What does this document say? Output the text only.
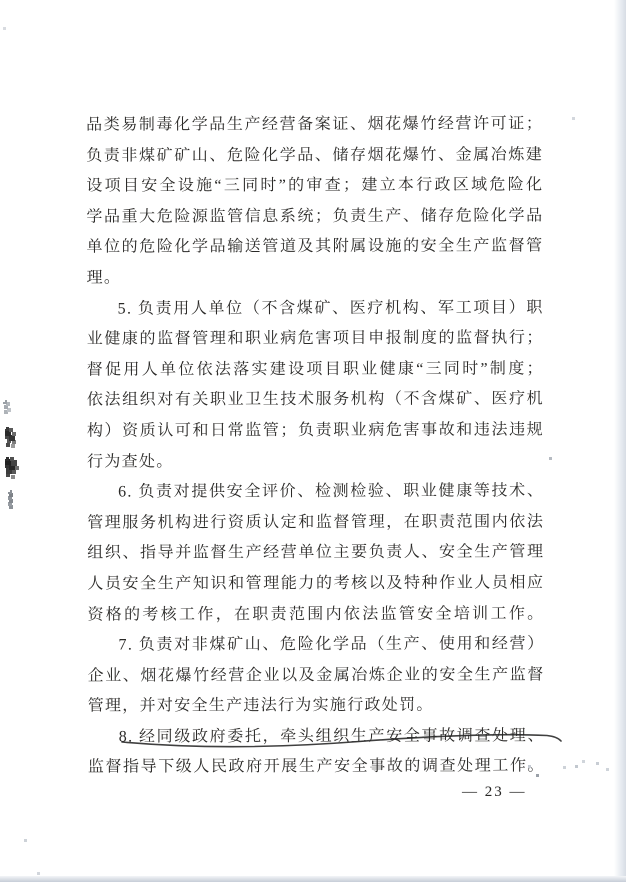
品类易制毒化学品生产经营备案证、烟花爆竹经营许可证；
负责非煤矿矿山、危险化学品、储存烟花爆竹、金属冶炼建
设项目安全设施“三同时”的审查；建立本行政区域危险化
学品重大危险源监管信息系统；负责生产、储存危险化学品
单位的危险化学品输送管道及其附属设施的安全生产监督管
理。
5. 负责用人单位（不含煤矿、医疗机构、军工项目）职
业健康的监督管理和职业病危害项目申报制度的监督执行；
督促用人单位依法落实建设项目职业健康“三同时”制度；
依法组织对有关职业卫生技术服务机构（不含煤矿、医疗机
构）资质认可和日常监管；负责职业病危害事故和违法违规
行为查处。
6. 负责对提供安全评价、检测检验、职业健康等技术、
管理服务机构进行资质认定和监督管理，在职责范围内依法
组织、指导并监督生产经营单位主要负责人、安全生产管理
人员安全生产知识和管理能力的考核以及特种作业人员相应
资格的考核工作，在职责范围内依法监管安全培训工作。
7. 负责对非煤矿山、危险化学品（生产、使用和经营）
企业、烟花爆竹经营企业以及金属冶炼企业的安全生产监督
管理，并对安全生产违法行为实施行政处罚。
8. 经同级政府委托，牵头组织生产安全事故调查处理、
监督指导下级人民政府开展生产安全事故的调查处理工作。
— 23 —
